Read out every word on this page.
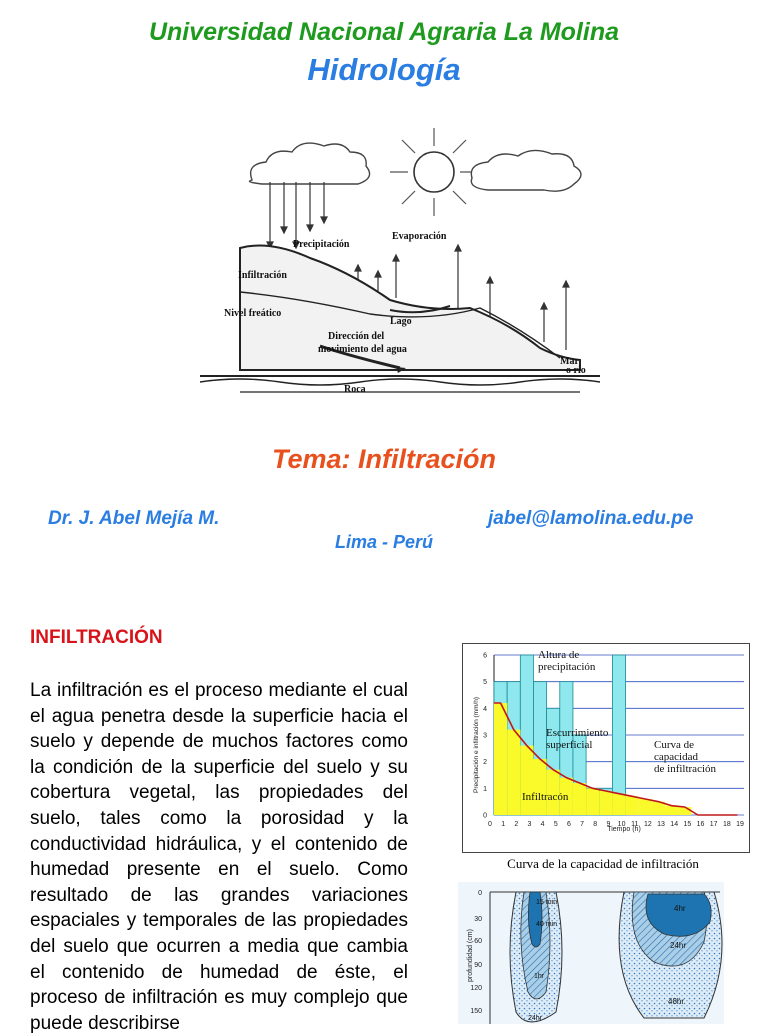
Universidad Nacional Agraria La Molina
Hidrología
Precipitación
Evaporación
Infiltración
Nivel freático
Lago
Dirección del
movimiento del agua
Mar
o río
Roca
Tema: Infiltración
Dr. J. Abel Mejía M.	jabel@lamolina.edu.pe
Lima - Perú
INFILTRACIÓN

La infiltración es el proceso mediante el cual el agua penetra desde la superficie hacia el suelo y depende de muchos factores como la condición de la superficie del suelo y su cobertura vegetal, las propiedades del suelo, tales como la porosidad y la conductividad hidráulica, y el contenido de humedad presente en el suelo. Como resultado de las grandes variaciones espaciales y temporales de las propiedades del suelo que ocurren a media que cambia el contenido de humedad de éste, el proceso de infiltración es muy complejo que puede describirse

1 2 3 4 5 6 7 8 9 10 11 12 13 14 15 16 17 18 19
0
0
1
2
3
4
5
6
Tiempo (h)
Precipitación e infiltración (mm/h)
Altura de precipitación
Escurrimiento superficial	Curva de capacidad de infiltración
Infiltracón
Curva de la capacidad de infiltración
0
30
60
90
120
150
profundidad (cm)
15 min
40 min
1hr
24hr
4hr
24hr
48hr
